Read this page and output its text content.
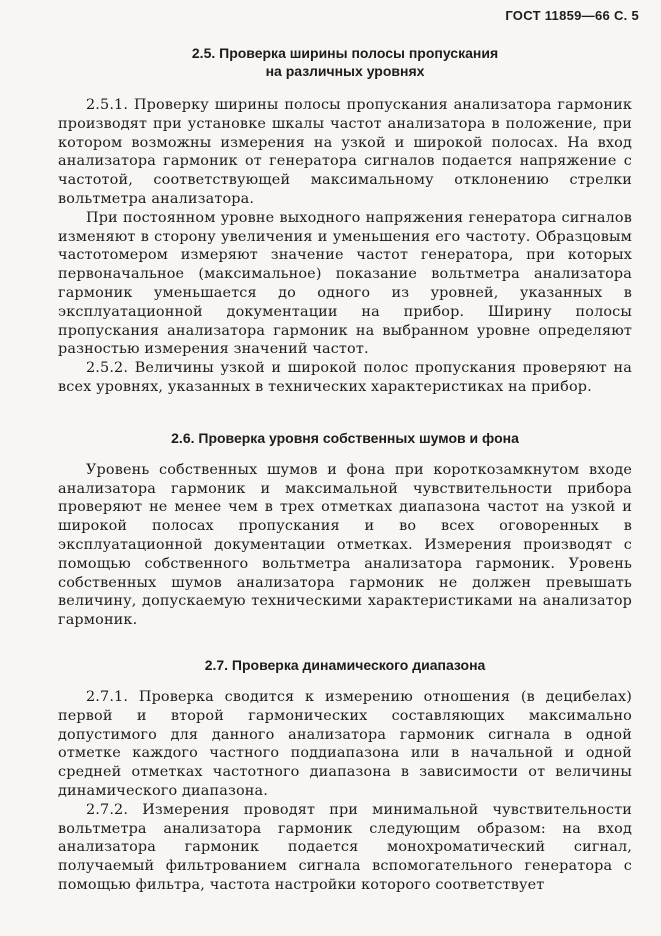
ГОСТ 11859—66 С. 5
2.5. Проверка ширины полосы пропускания
на различных уровнях

2.5.1. Проверку ширины полосы пропускания анализатора гармоник производят при установке шкалы частот анализатора в положение, при котором возможны измерения на узкой и широкой полосах. На вход анализатора гармоник от генератора сигналов подается напряжение с частотой, соответствующей максимальному отклонению стрелки вольтметра анализатора.

При постоянном уровне выходного напряжения генератора сигналов изменяют в сторону увеличения и уменьшения его частоту. Образцовым частотомером измеряют значение частот генератора, при которых первоначальное (максимальное) показание вольтметра анализатора гармоник уменьшается до одного из уровней, указанных в эксплуатационной документации на прибор. Ширину полосы пропускания анализатора гармоник на выбранном уровне определяют разностью измерения значений частот.

2.5.2. Величины узкой и широкой полос пропускания проверяют на всех уровнях, указанных в технических характеристиках на прибор.

2.6. Проверка уровня собственных шумов и фона

Уровень собственных шумов и фона при короткозамкнутом входе анализатора гармоник и максимальной чувствительности прибора проверяют не менее чем в трех отметках диапазона частот на узкой и широкой полосах пропускания и во всех оговоренных в эксплуатационной документации отметках. Измерения производят с помощью собственного вольтметра анализатора гармоник. Уровень собственных шумов анализатора гармоник не должен превышать величину, допускаемую техническими характеристиками на анализатор гармоник.

2.7. Проверка динамического диапазона

2.7.1. Проверка сводится к измерению отношения (в децибелах) первой и второй гармонических составляющих максимально допустимого для данного анализатора гармоник сигнала в одной отметке каждого частного поддиапазона или в начальной и одной средней отметках частотного диапазона в зависимости от величины динамического диапазона.

2.7.2. Измерения проводят при минимальной чувствительности вольтметра анализатора гармоник следующим образом: на вход анализатора гармоник подается монохроматический сигнал, получаемый фильтрованием сигнала вспомогательного генератора с помощью фильтра, частота настройки которого соответствует
